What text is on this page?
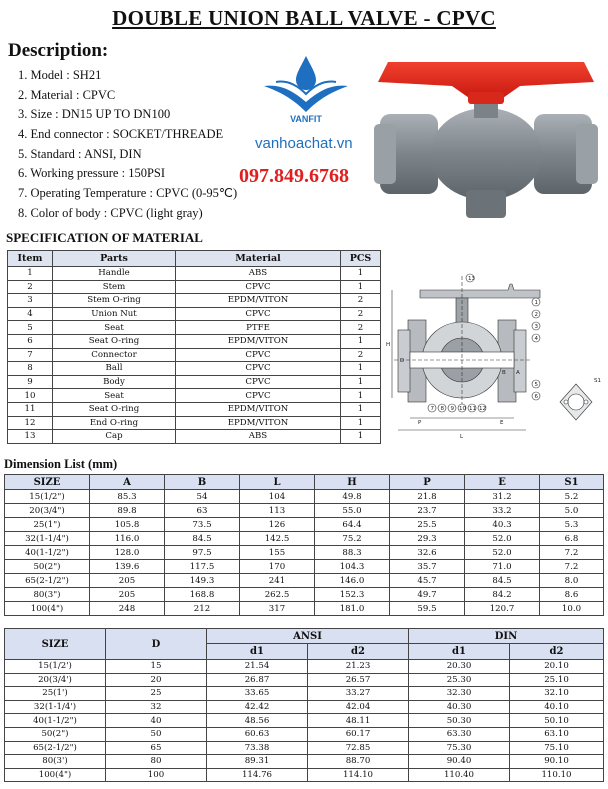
DOUBLE UNION BALL VALVE - CPVC
Description:
1. Model : SH21
2. Material : CPVC
3. Size : DN15 UP TO DN100
4. End connector : SOCKET/THREADE
5. Standard : ANSI, DIN
6. Working pressure : 150PSI
7. Operating Temperature : CPVC (0-95℃)
8. Color of body : CPVC (light gray)
VANFIT
vanhoachat.vn
097.849.6768
SPECIFICATION OF MATERIAL
Item	Parts	Material	PCS
1	Handle	ABS	1
2	Stem	CPVC	1
3	Stem O-ring	EPDM/VITON	2
4	Union Nut	CPVC	2
5	Seat	PTFE	2
6	Seat O-ring	EPDM/VITON	1
7	Connector	CPVC	2
8	Ball	CPVC	1
9	Body	CPVC	1
10	Seat	CPVC	1
11	Seat O-ring	EPDM/VITON	1
12	End O-ring	EPDM/VITON	1
13	Cap	ABS	1
13
1
2
3
4
5
6
7 8 9 10 11 12
L
P	E
H
D
B A
S1
Dimension List (mm)
SIZE	A	B	L	H	P	E	S1
15(1/2")	85.3	54	104	49.8	21.8	31.2	5.2
20(3/4")	89.8	63	113	55.0	23.7	33.2	5.0
25(1")	105.8	73.5	126	64.4	25.5	40.3	5.3
32(1-1/4")	116.0	84.5	142.5	75.2	29.3	52.0	6.8
40(1-1/2")	128.0	97.5	155	88.3	32.6	52.0	7.2
50(2")	139.6	117.5	170	104.3	35.7	71.0	7.2
65(2-1/2")	205	149.3	241	146.0	45.7	84.5	8.0
80(3")	205	168.8	262.5	152.3	49.7	84.2	8.6
100(4")	248	212	317	181.0	59.5	120.7	10.0
SIZE	D	ANSI		DIN	
		d1	d2	d1	d2
15(1/2')	15	21.54	21.23	20.30	20.10
20(3/4')	20	26.87	26.57	25.30	25.10
25(1')	25	33.65	33.27	32.30	32.10
32(1-1/4')	32	42.42	42.04	40.30	40.10
40(1-1/2")	40	48.56	48.11	50.30	50.10
50(2")	50	60.63	60.17	63.30	63.10
65(2-1/2")	65	73.38	72.85	75.30	75.10
80(3')	80	89.31	88.70	90.40	90.10
100(4")	100	114.76	114.10	110.40	110.10
